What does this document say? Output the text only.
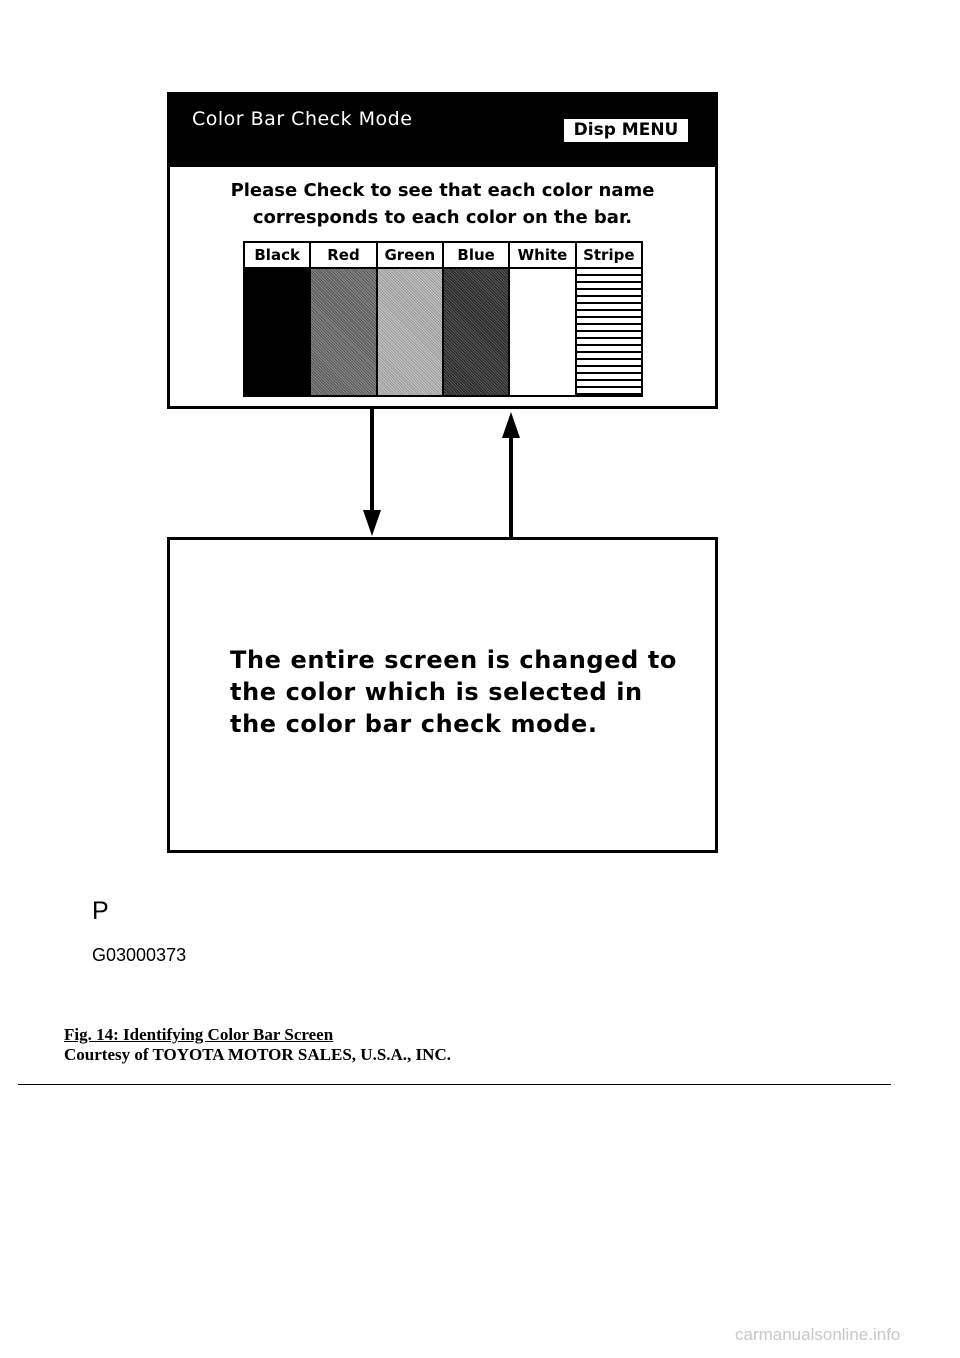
Color Bar Check Mode	Disp MENU
Please Check to see that each color name
corresponds to each color on the bar.
Black	Red	Green	Blue	White	Stripe
The entire screen is changed to
the color which is selected in
the color bar check mode.
P
G03000373
Fig. 14: Identifying Color Bar Screen
Courtesy of TOYOTA MOTOR SALES, U.S.A., INC.
carmanualsonline.info
